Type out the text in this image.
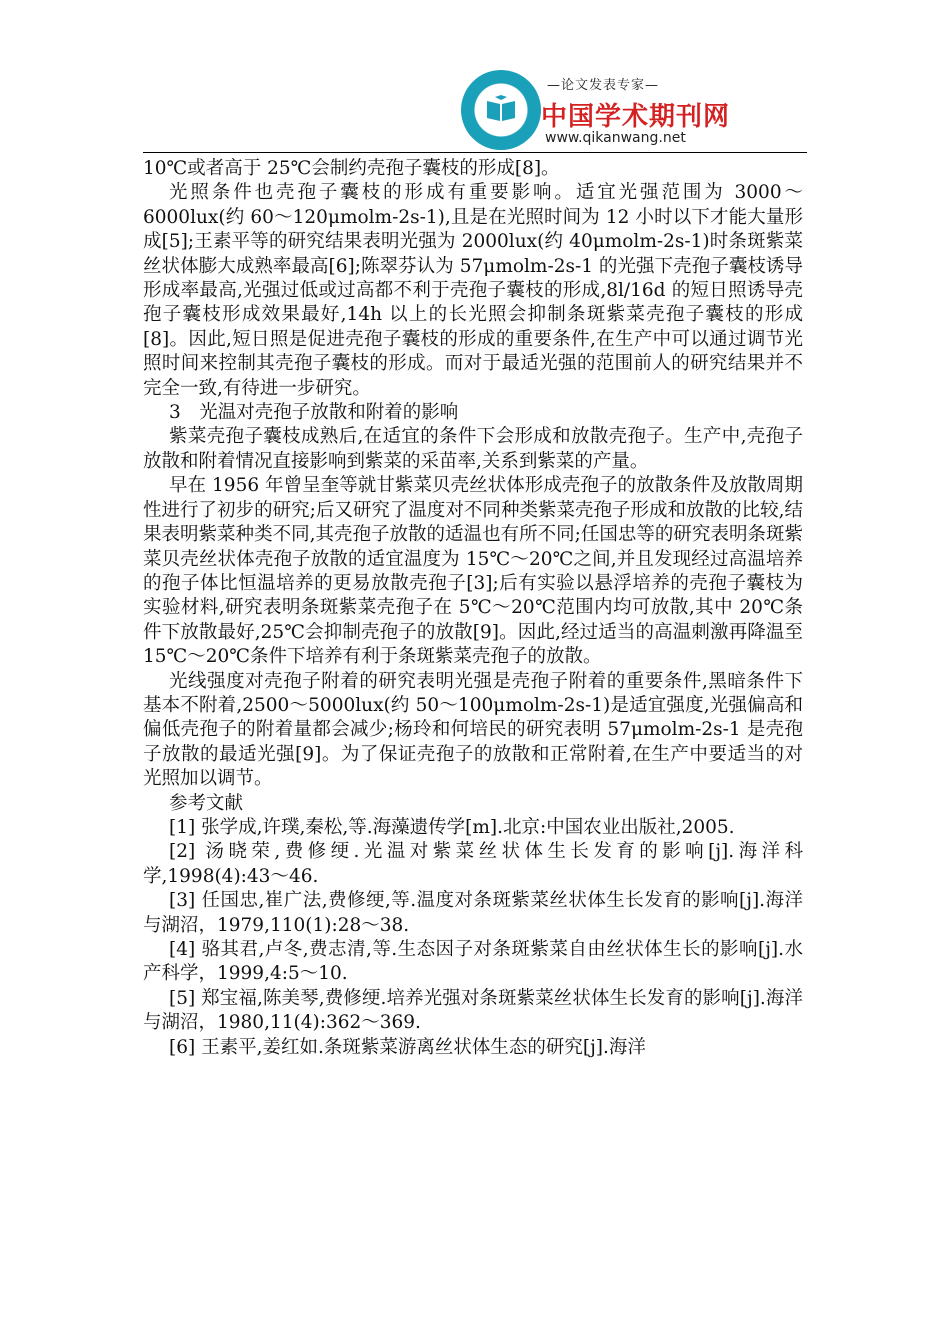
—论文发表专家—
中国学术期刊网
www.qikanwang.net

10℃或者高于 25℃会制约壳孢子囊枝的形成[8]。

光照条件也壳孢子囊枝的形成有重要影响。适宜光强范围为 3000～6000lux(约 60～120μmolm-2s-1),且是在光照时间为 12 小时以下才能大量形成[5];王素平等的研究结果表明光强为 2000lux(约 40μmolm-2s-1)时条斑紫菜丝状体膨大成熟率最高[6];陈翠芬认为 57μmolm-2s-1 的光强下壳孢子囊枝诱导形成率最高,光强过低或过高都不利于壳孢子囊枝的形成,8l/16d 的短日照诱导壳孢子囊枝形成效果最好,14h 以上的长光照会抑制条斑紫菜壳孢子囊枝的形成[8]。因此,短日照是促进壳孢子囊枝的形成的重要条件,在生产中可以通过调节光照时间来控制其壳孢子囊枝的形成。而对于最适光强的范围前人的研究结果并不完全一致,有待进一步研究。

3　光温对壳孢子放散和附着的影响

紫菜壳孢子囊枝成熟后,在适宜的条件下会形成和放散壳孢子。生产中,壳孢子放散和附着情况直接影响到紫菜的采苗率,关系到紫菜的产量。

早在 1956 年曾呈奎等就甘紫菜贝壳丝状体形成壳孢子的放散条件及放散周期性进行了初步的研究;后又研究了温度对不同种类紫菜壳孢子形成和放散的比较,结果表明紫菜种类不同,其壳孢子放散的适温也有所不同;任国忠等的研究表明条斑紫菜贝壳丝状体壳孢子放散的适宜温度为 15℃～20℃之间,并且发现经过高温培养的孢子体比恒温培养的更易放散壳孢子[3];后有实验以悬浮培养的壳孢子囊枝为实验材料,研究表明条斑紫菜壳孢子在 5℃～20℃范围内均可放散,其中 20℃条件下放散最好,25℃会抑制壳孢子的放散[9]。因此,经过适当的高温刺激再降温至 15℃～20℃条件下培养有利于条斑紫菜壳孢子的放散。

光线强度对壳孢子附着的研究表明光强是壳孢子附着的重要条件,黑暗条件下基本不附着,2500～5000lux(约 50～100μmolm-2s-1)是适宜强度,光强偏高和偏低壳孢子的附着量都会减少;杨玲和何培民的研究表明 57μmolm-2s-1 是壳孢子放散的最适光强[9]。为了保证壳孢子的放散和正常附着,在生产中要适当的对光照加以调节。

参考文献

[1] 张学成,许璞,秦松,等.海藻遗传学[m].北京:中国农业出版社,2005.

[2] 汤晓荣,费修绠.光温对紫菜丝状体生长发育的影响[j].海洋科学,1998(4):43～46.

[3] 任国忠,崔广法,费修绠,等.温度对条斑紫菜丝状体生长发育的影响[j].海洋与湖沼，1979,110(1):28～38.

[4] 骆其君,卢冬,费志清,等.生态因子对条斑紫菜自由丝状体生长的影响[j].水产科学，1999,4:5～10.

[5] 郑宝福,陈美琴,费修绠.培养光强对条斑紫菜丝状体生长发育的影响[j].海洋与湖沼，1980,11(4):362～369.

[6] 王素平,姜红如.条斑紫菜游离丝状体生态的研究[j].海洋
